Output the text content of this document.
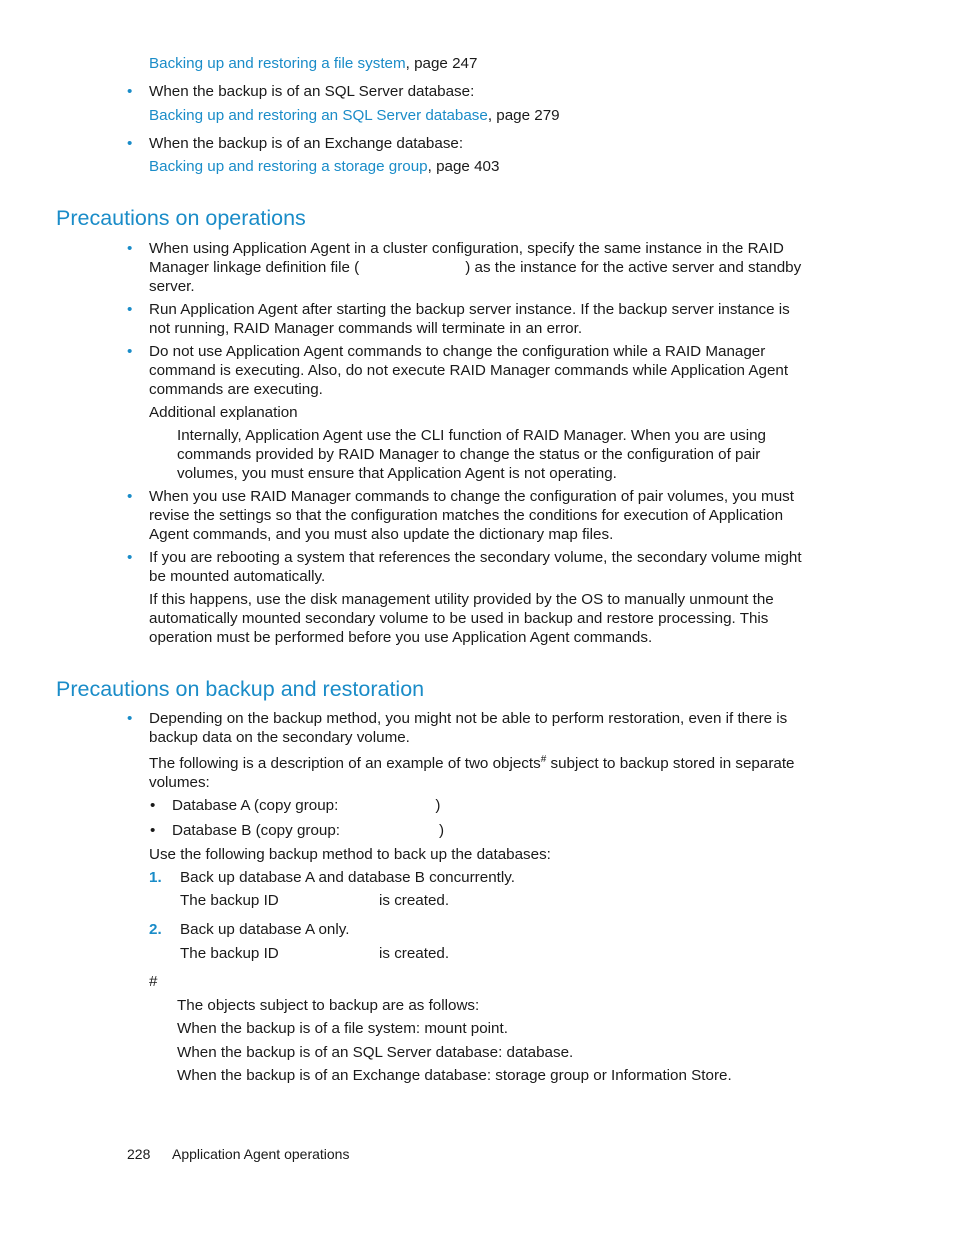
Backing up and restoring a file system, page 247
• When the backup is of an SQL Server database:
Backing up and restoring an SQL Server database, page 279
• When the backup is of an Exchange database:
Backing up and restoring a storage group, page 403
Precautions on operations
• When using Application Agent in a cluster configuration, specify the same instance in the RAID Manager linkage definition file (	) as the instance for the active server and standby server.
• Run Application Agent after starting the backup server instance. If the backup server instance is not running, RAID Manager commands will terminate in an error.
• Do not use Application Agent commands to change the configuration while a RAID Manager command is executing. Also, do not execute RAID Manager commands while Application Agent commands are executing.
Additional explanation
Internally, Application Agent use the CLI function of RAID Manager. When you are using commands provided by RAID Manager to change the status or the configuration of pair volumes, you must ensure that Application Agent is not operating.
• When you use RAID Manager commands to change the configuration of pair volumes, you must revise the settings so that the configuration matches the conditions for execution of Application Agent commands, and you must also update the dictionary map files.
• If you are rebooting a system that references the secondary volume, the secondary volume might be mounted automatically.
If this happens, use the disk management utility provided by the OS to manually unmount the automatically mounted secondary volume to be used in backup and restore processing. This operation must be performed before you use Application Agent commands.
Precautions on backup and restoration
• Depending on the backup method, you might not be able to perform restoration, even if there is backup data on the secondary volume.
The following is a description of an example of two objects# subject to backup stored in separate volumes:
• Database A (copy group:	)
• Database B (copy group:	)
Use the following backup method to back up the databases:
1. Back up database A and database B concurrently.
The backup ID	is created.
2. Back up database A only.
The backup ID	is created.
#
The objects subject to backup are as follows:
When the backup is of a file system: mount point.
When the backup is of an SQL Server database: database.
When the backup is of an Exchange database: storage group or Information Store.
228 Application Agent operations
